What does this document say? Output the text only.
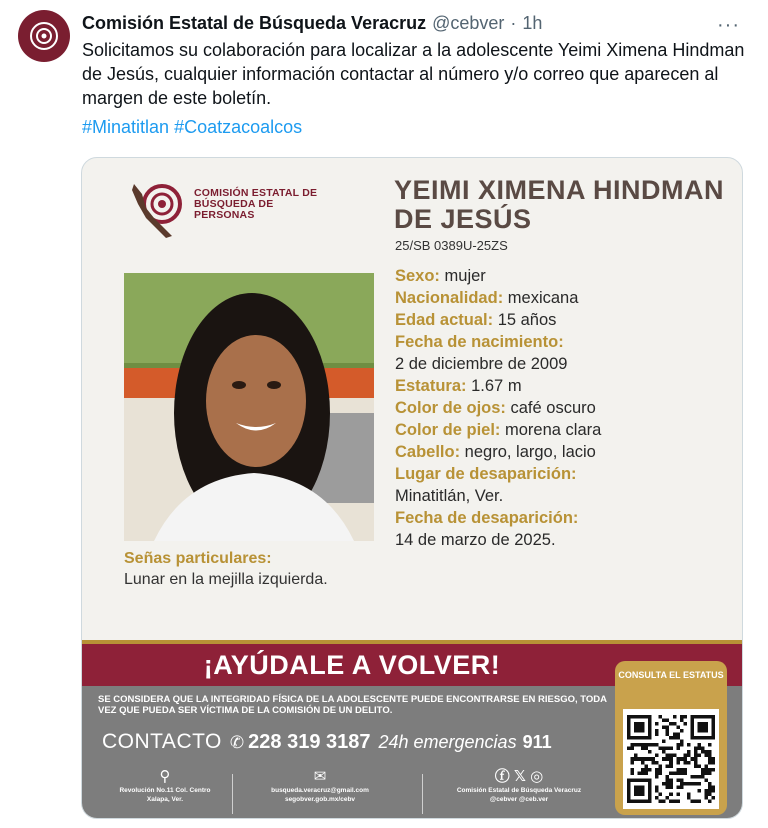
Comisión Estatal de Búsqueda Veracruz @cebver · 1h	···
Solicitamos su colaboración para localizar a la adolescente Yeimi Ximena Hindman de Jesús, cualquier información contactar al número y/o correo que aparecen al margen de este boletín.
#Minatitlan #Coatzacoalcos
COMISIÓN ESTATAL DE BÚSQUEDA DE PERSONAS
YEIMI XIMENA HINDMAN DE JESÚS
25/SB 0389U-25ZS
Sexo: mujer
Nacionalidad: mexicana
Edad actual: 15 años
Fecha de nacimiento:
2 de diciembre de 2009
Estatura: 1.67 m
Color de ojos: café oscuro
Color de piel: morena clara
Cabello: negro, largo, lacio
Lugar de desaparición:
Minatitlán, Ver.
Fecha de desaparición:
14 de marzo de 2025.
Señas particulares:
Lunar en la mejilla izquierda.
¡AYÚDALE A VOLVER!
SE CONSIDERA QUE LA INTEGRIDAD FÍSICA DE LA ADOLESCENTE PUEDE ENCONTRARSE EN RIESGO, TODA VEZ QUE PUEDA SER VÍCTIMA DE LA COMISIÓN DE UN DELITO.
CONTACTO ✆ 228 319 3187 24h emergencias 911
⚲
Revolución No.11 Col. Centro Xalapa, Ver.
✉
busqueda.veracruz@gmail.com
segobver.gob.mx/cebv
ⓕ 𝕏 ◎
Comisión Estatal de Búsqueda Veracruz
@cebver @ceb.ver
CONSULTA EL ESTATUS
